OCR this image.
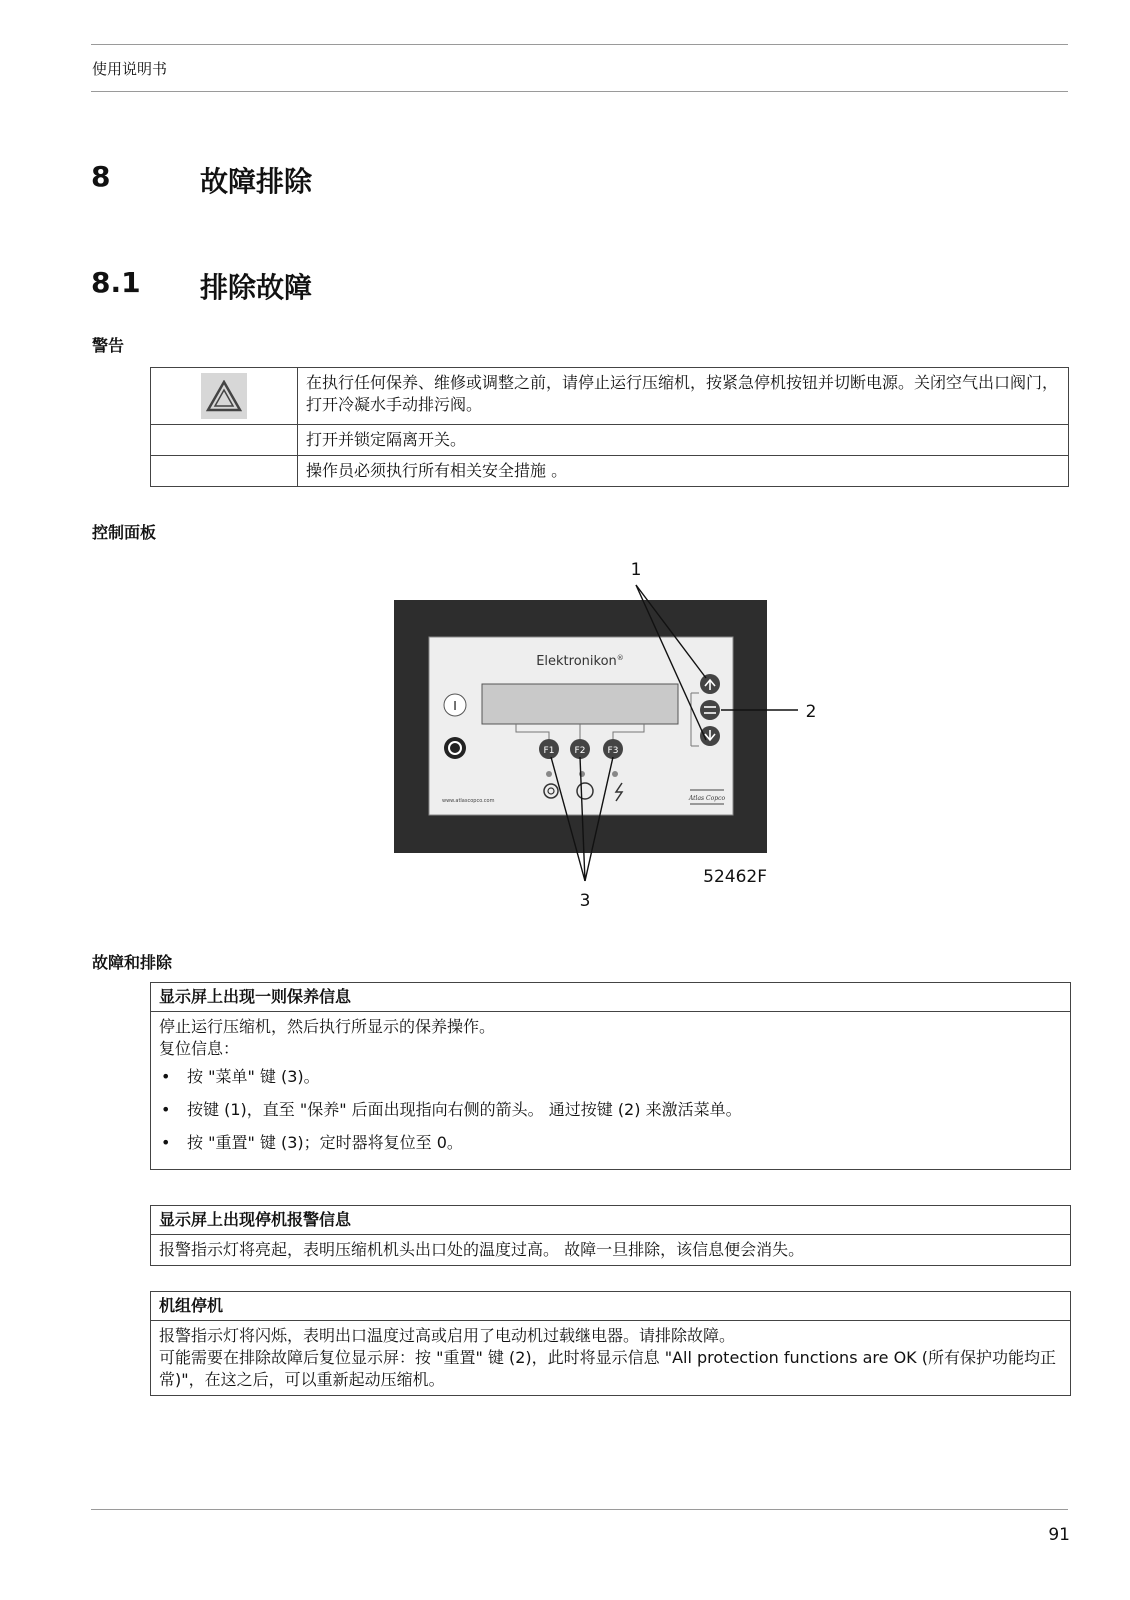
使用说明书
8	故障排除
8.1 排除故障
警告
	在执行任何保养、维修或调整之前，请停止运行压缩机，按紧急停机按钮并切断电源。关闭空气出口阀门，打开冷凝水手动排污阀。
	打开并锁定隔离开关。
	操作员必须执行所有相关安全措施 。
控制面板
Elektronikon®
I
F1 F2 F3
www.atlascopco.com	Atlas Copco
1
2
3
52462F
故障和排除
显示屏上出现一则保养信息
停止运行压缩机，然后执行所显示的保养操作。
复位信息：
• 按 "菜单" 键 (3)。
• 按键 (1)，直至 "保养" 后面出现指向右侧的箭头。 通过按键 (2) 来激活菜单。
• 按 "重置" 键 (3)；定时器将复位至 0。
显示屏上出现停机报警信息
报警指示灯将亮起，表明压缩机机头出口处的温度过高。 故障一旦排除，该信息便会消失。
机组停机
报警指示灯将闪烁，表明出口温度过高或启用了电动机过载继电器。请排除故障。
可能需要在排除故障后复位显示屏：按 "重置" 键 (2)，此时将显示信息 "All protection functions are OK (所有保护功能均正常)"，在这之后，可以重新起动压缩机。
91
